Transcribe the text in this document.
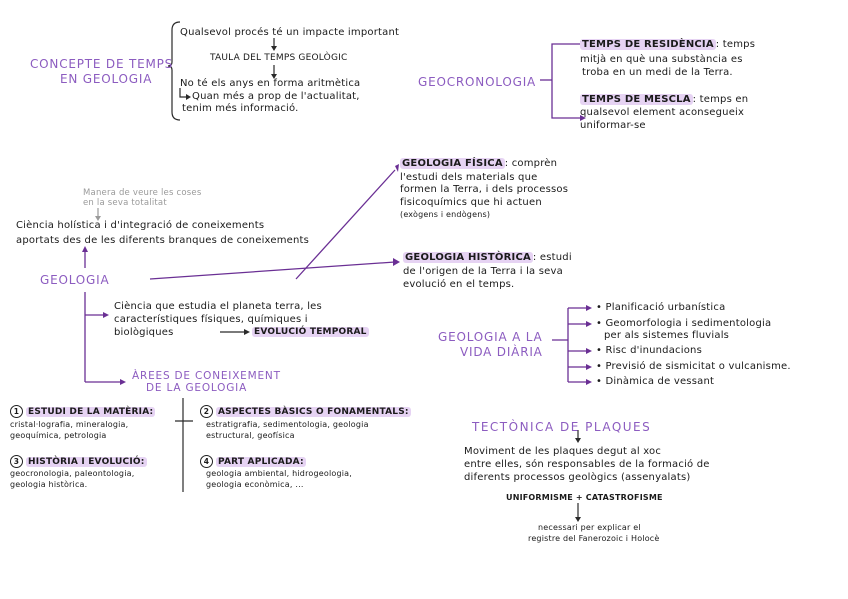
CONCEPTE DE TEMPS
EN GEOLOGIA
Qualsevol procés té un impacte important
TAULA DEL TEMPS GEOLÒGIC
No té els anys en forma aritmètica
Quan més a prop de l'actualitat,
tenim més informació.
GEOCRONOLOGIA
TEMPS DE RESIDÈNCIA : temps
mitjà en què una substància es
troba en un medi de la Terra.
TEMPS DE MESCLA : temps en
qualsevol element aconsegueix
uniformar-se
Manera de veure les coses
en la seva totalitat
Ciència holística i d'integració de coneixements
aportats des de les diferents branques de coneixements
GEOLOGIA
Ciència que estudia el planeta terra, les
característiques físiques, químiques i
biològiques	EVOLUCIÓ TEMPORAL
GEOLOGIA FÍSICA : comprèn
l'estudi dels materials que
formen la Terra, i dels processos
fisicoquímics que hi actuen
(exògens i endògens)
GEOLOGIA HISTÒRICA : estudi
de l'origen de la Terra i la seva
evolució en el temps.
GEOLOGIA A LA
VIDA DIÀRIA
• Planificació urbanística
• Geomorfologia i sedimentologia
per als sistemes fluvials
• Risc d'inundacions
• Previsió de sismicitat o vulcanisme.
• Dinàmica de vessant
ÀREES DE CONEIXEMENT
DE LA GEOLOGIA
1 ESTUDI DE LA MATÈRIA:
cristal·lografia, mineralogia,
geoquímica, petrologia
2 ASPECTES BÀSICS O FONAMENTALS:
estratigrafia, sedimentologia, geologia
estructural, geofísica
3 HISTÒRIA I EVOLUCIÓ:
geocronologia, paleontologia,
geologia històrica.
4 PART APLICADA:
geologia ambiental, hidrogeologia,
geologia econòmica, ...
TECTÒNICA DE PLAQUES
Moviment de les plaques degut al xoc
entre elles, són responsables de la formació de
diferents processos geològics (assenyalats)
UNIFORMISME + CATASTROFISME
necessari per explicar el
registre del Fanerozoic i Holocè
